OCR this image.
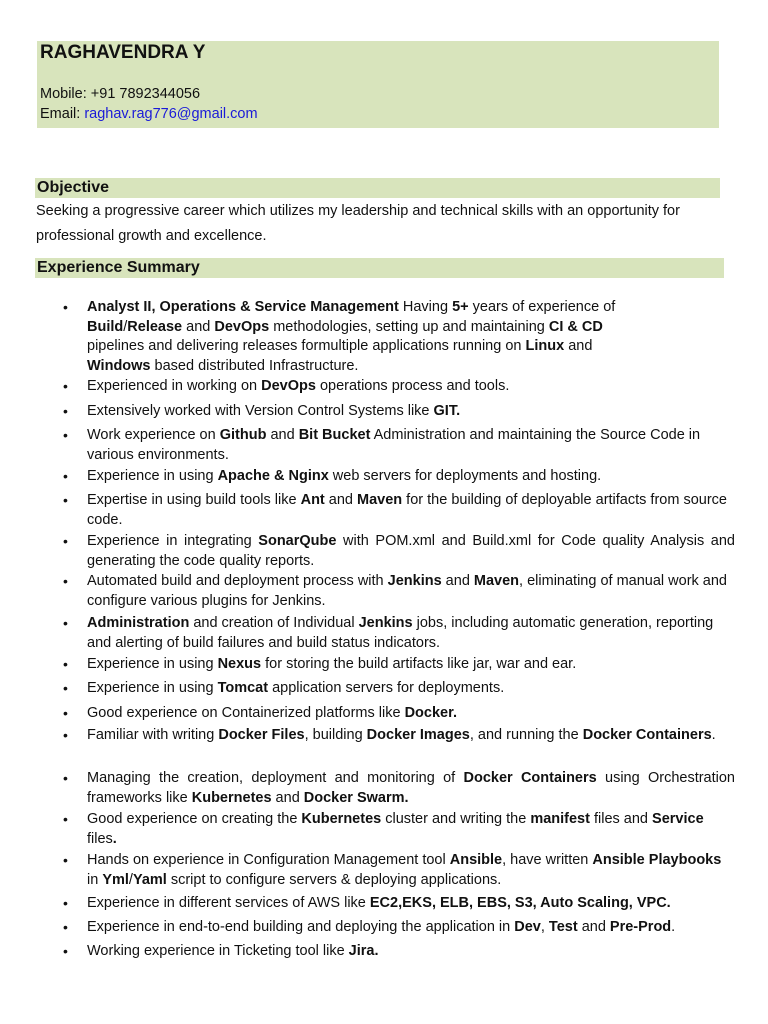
RAGHAVENDRA Y
Mobile: +91 7892344056
Email: raghav.rag776@gmail.com
Objective
Seeking a progressive career which utilizes my leadership and technical skills with an opportunity for professional growth and excellence.
Experience Summary
• Analyst II, Operations & Service Management Having 5+ years of experience of
Build/Release and DevOps methodologies, setting up and maintaining CI & CD
pipelines and delivering releases formultiple applications running on Linux and
Windows based distributed Infrastructure.
• Experienced in working on DevOps operations process and tools.
• Extensively worked with Version Control Systems like GIT.
• Work experience on Github and Bit Bucket Administration and maintaining the Source Code in various environments.
• Experience in using Apache & Nginx web servers for deployments and hosting.
• Expertise in using build tools like Ant and Maven for the building of deployable artifacts from source code.
• Experience in integrating SonarQube with POM.xml and Build.xml for Code quality Analysis and generating the code quality reports.
• Automated build and deployment process with Jenkins and Maven, eliminating of manual work and configure various plugins for Jenkins.
• Administration and creation of Individual Jenkins jobs, including automatic generation, reporting and alerting of build failures and build status indicators.
• Experience in using Nexus for storing the build artifacts like jar, war and ear.
• Experience in using Tomcat application servers for deployments.
• Good experience on Containerized platforms like Docker.
• Familiar with writing Docker Files, building Docker Images, and running the Docker Containers.
• Managing the creation, deployment and monitoring of Docker Containers using Orchestration frameworks like Kubernetes and Docker Swarm.
• Good experience on creating the Kubernetes cluster and writing the manifest files and Service files.
• Hands on experience in Configuration Management tool Ansible, have written Ansible Playbooks in Yml/Yaml script to configure servers & deploying applications.
• Experience in different services of AWS like EC2,EKS, ELB, EBS, S3, Auto Scaling, VPC.
• Experience in end-to-end building and deploying the application in Dev, Test and Pre-Prod.
• Working experience in Ticketing tool like Jira.
